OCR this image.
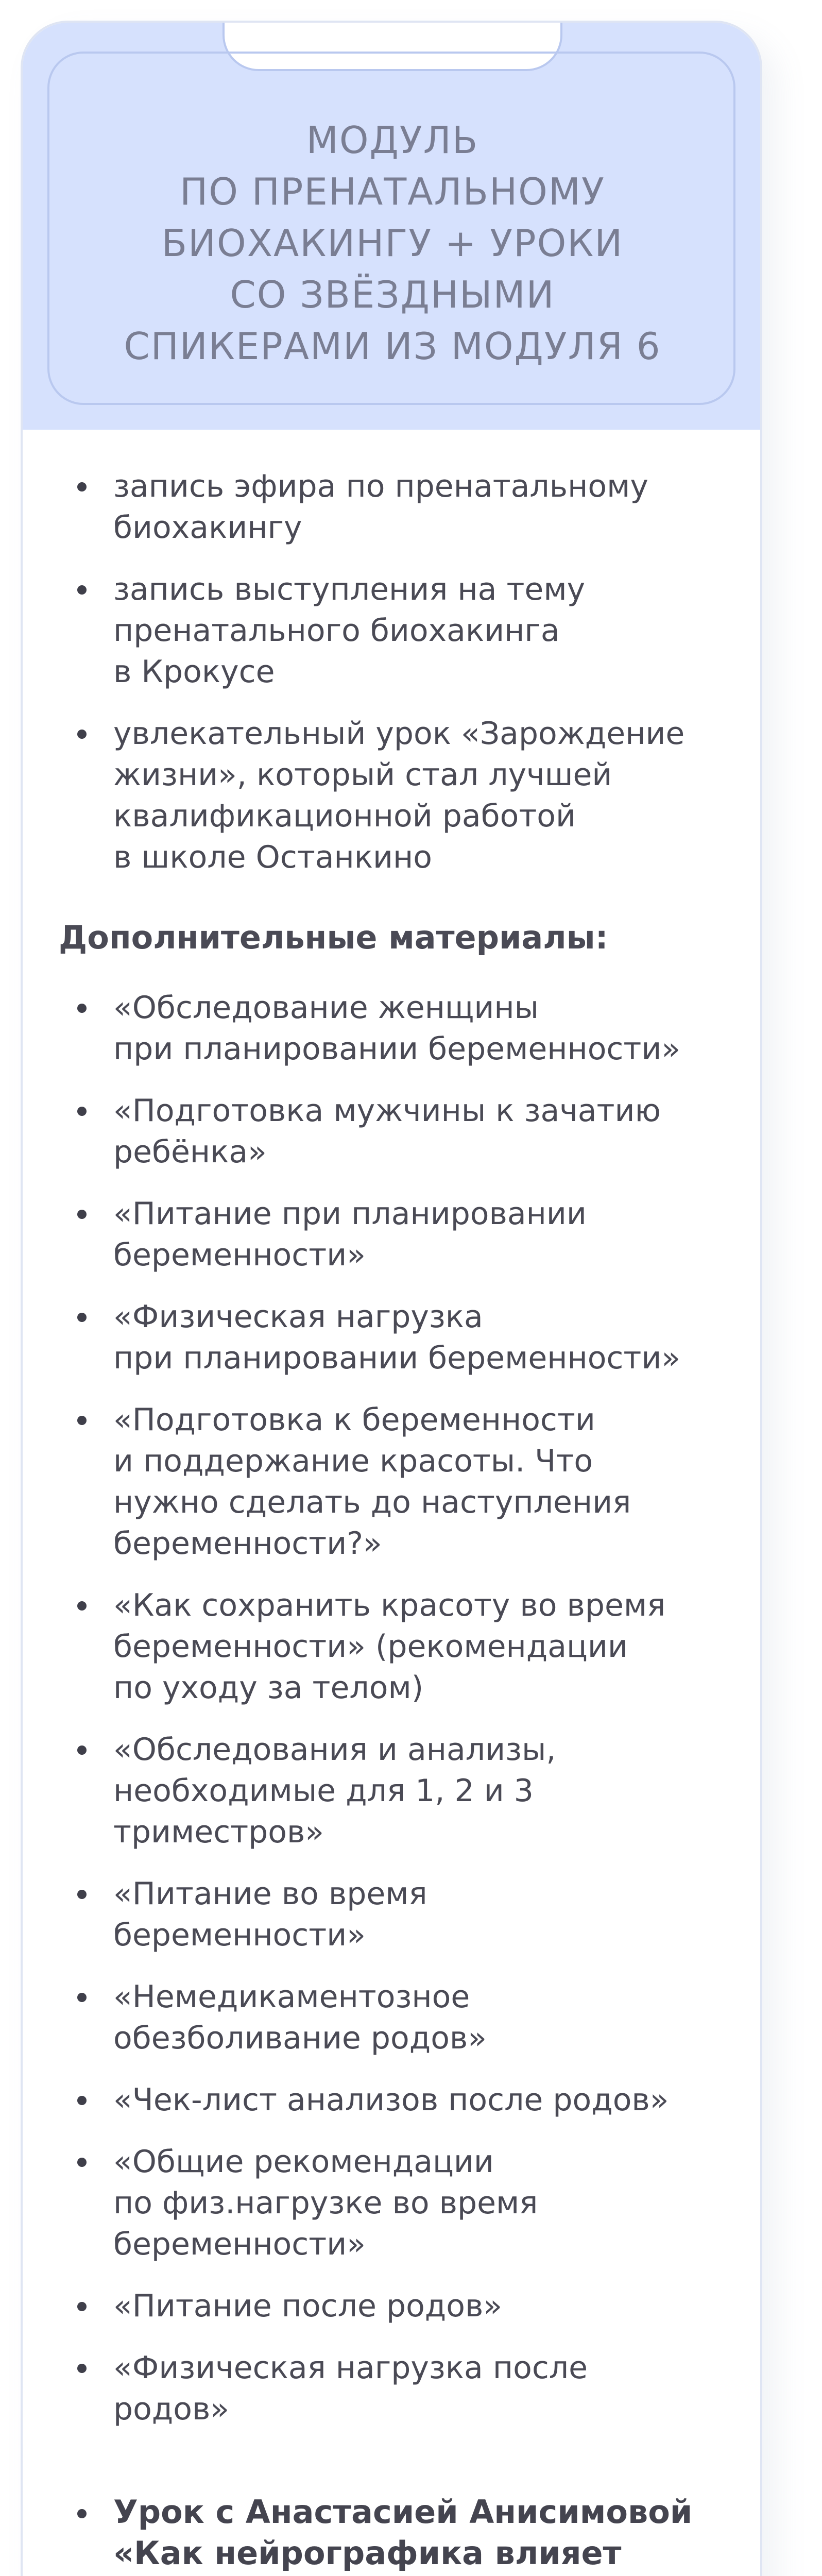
МОДУЛЬ
ПО ПРЕНАТАЛЬНОМУ
БИОХАКИНГУ + УРОКИ
СО ЗВЁЗДНЫМИ
СПИКЕРАМИ ИЗ МОДУЛЯ 6
запись эфира по пренатальному
биохакингу
запись выступления на тему
пренатального биохакинга
в Крокусе
увлекательный урок «Зарождение
жизни», который стал лучшей
квалификационной работой
в школе Останкино
Дополнительные материалы:
«Обследование женщины
при планировании беременности»
«Подготовка мужчины к зачатию
ребёнка»
«Питание при планировании
беременности»
«Физическая нагрузка
при планировании беременности»
«Подготовка к беременности
и поддержание красоты. Что
нужно сделать до наступления
беременности?»
«Как сохранить красоту во время
беременности» (рекомендации
по уходу за телом)
«Обследования и анализы,
необходимые для 1, 2 и 3
триместров»
«Питание во время
беременности»
«Немедикаментозное
обезболивание родов»
«Чек-лист анализов после родов»
«Общие рекомендации
по физ.нагрузке во время
беременности»
«Питание после родов»
«Физическая нагрузка после
родов»
Урок с Анастасией Анисимовой
«Как нейрографика влияет
